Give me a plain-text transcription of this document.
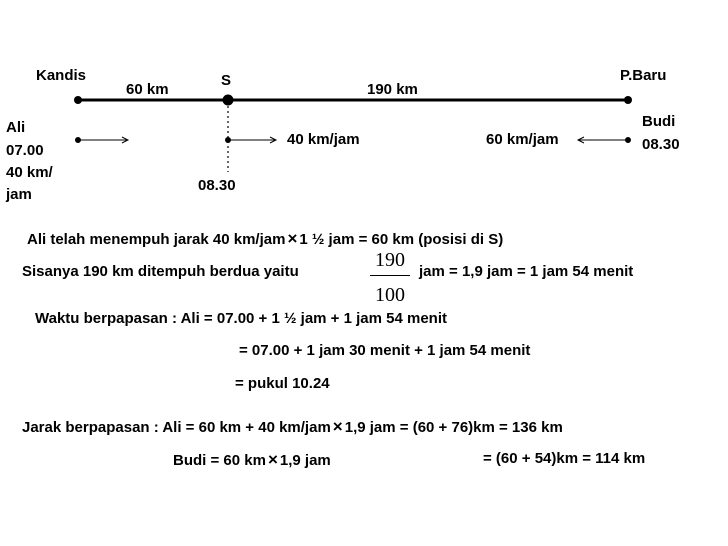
Kandis
60 km
S
190 km
P.Baru
Ali
07.00
40 km/
jam
40 km/jam	60 km/jam
Budi
08.30
08.30
Ali telah menempuh jarak 40 km/jam × 1 ½ jam = 60 km (posisi di S)
Sisanya 190 km ditempuh berdua yaitu
190
100
jam = 1,9 jam = 1 jam 54 menit
Waktu berpapasan : Ali = 07.00 + 1 ½ jam + 1 jam 54 menit
= 07.00 + 1 jam 30 menit + 1 jam 54 menit
= pukul 10.24
Jarak berpapasan : Ali = 60 km + 40 km/jam × 1,9 jam = (60 + 76)km = 136 km
Budi = 60 km × 1,9 jam	= (60 + 54)km = 114 km
